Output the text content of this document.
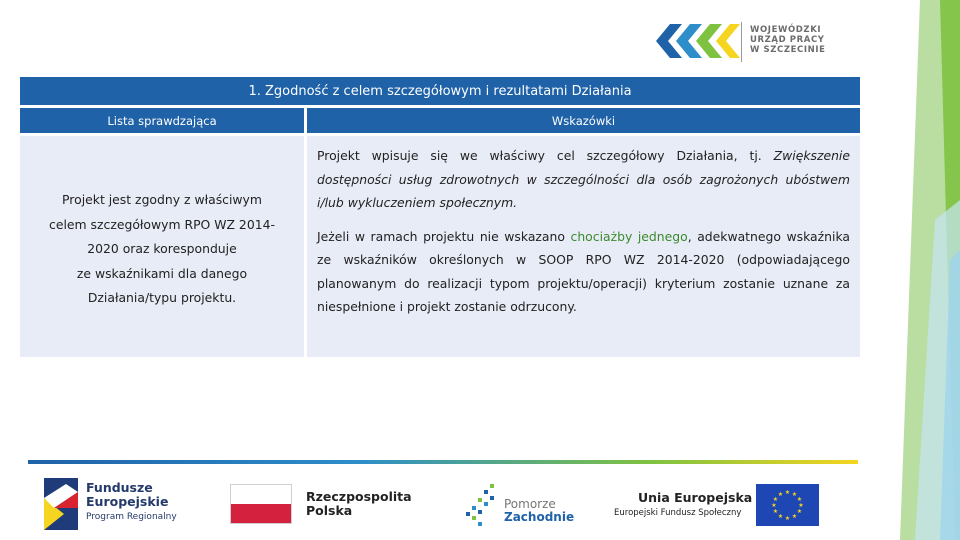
WOJEWÓDZKI
URZĄD PRACY
W SZCZECINIE
1. Zgodność z celem szczegółowym i rezultatami Działania
Lista sprawdzająca	Wskazówki
Projekt jest zgodny z właściwym
celem szczegółowym RPO WZ 2014-
2020 oraz koresponduje
ze wskaźnikami dla danego
Działania/typu projektu.

Projekt wpisuje się we właściwy cel szczegółowy Działania, tj. Zwiększenie dostępności usług zdrowotnych w szczególności dla osób zagrożonych ubóstwem i/lub wykluczeniem społecznym.

Jeżeli w ramach projektu nie wskazano chociażby jednego, adekwatnego wskaźnika ze wskaźników określonych w SOOP RPO WZ 2014-2020 (odpowiadającego planowanym do realizacji typom projektu/operacji) kryterium zostanie uznane za niespełnione i projekt zostanie odrzucony.

Fundusze
Europejskie
Program Regionalny
Rzeczpospolita
Polska	Pomorze
Zachodnie
Unia Europejska
Europejski Fundusz Społeczny
★ ★
★
★
★
★
★
★
★
★
★
★
